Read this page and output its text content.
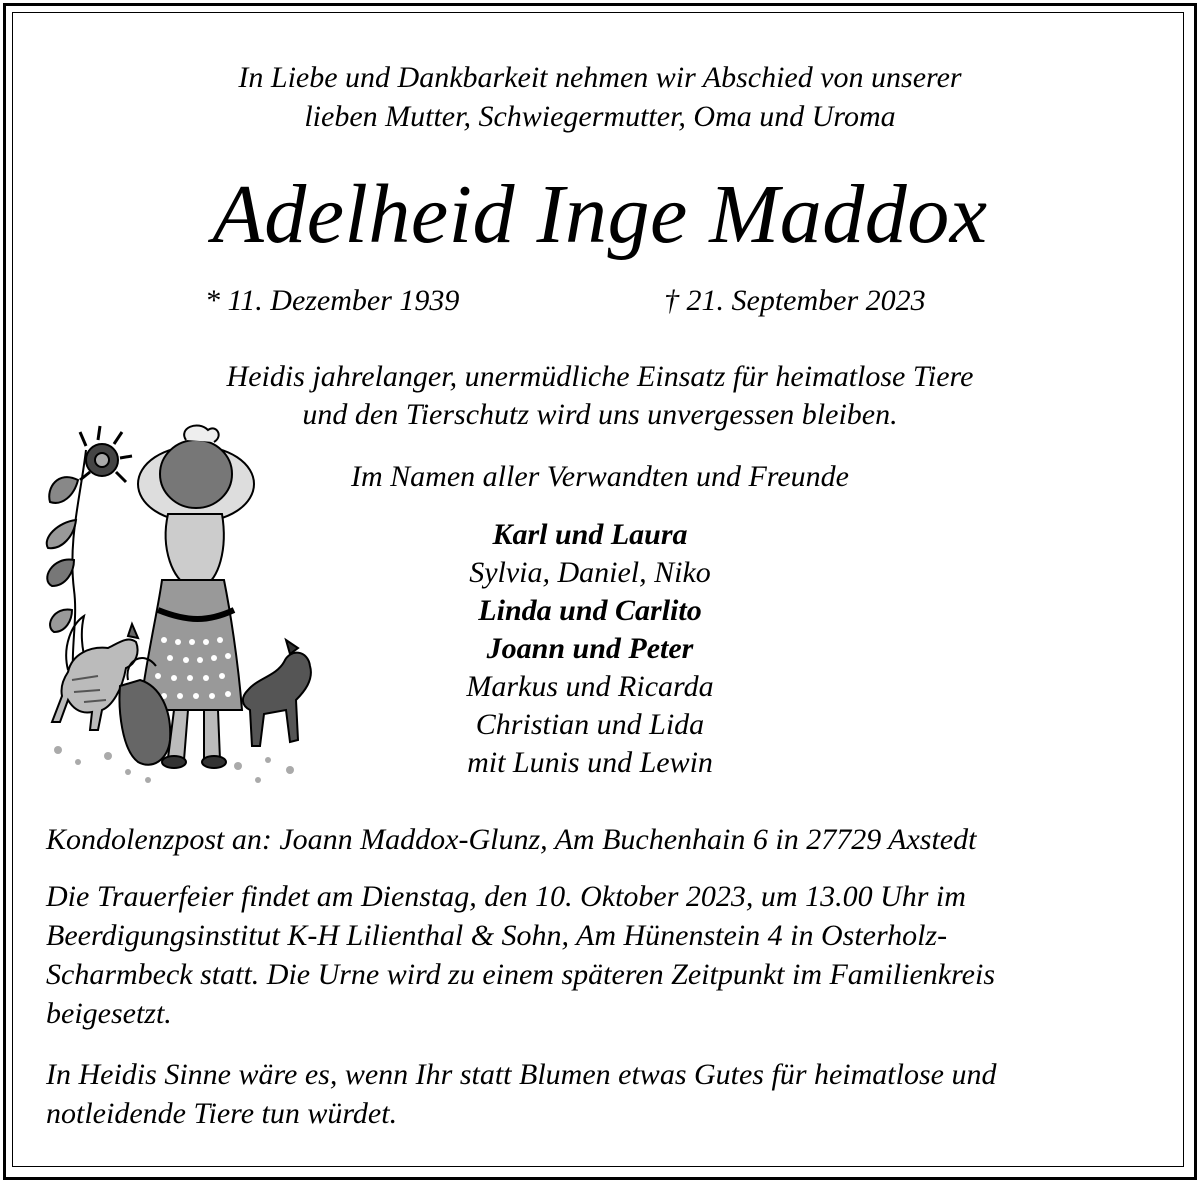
In Liebe und Dankbarkeit nehmen wir Abschied von unserer
lieben Mutter, Schwiegermutter, Oma und Uroma
Adelheid Inge Maddox
* 11. Dezember 1939	† 21. September 2023
Heidis jahrelanger, unermüdliche Einsatz für heimatlose Tiere
und den Tierschutz wird uns unvergessen bleiben.
Im Namen aller Verwandten und Freunde
Karl und Laura
Sylvia, Daniel, Niko
Linda und Carlito
Joann und Peter
Markus und Ricarda
Christian und Lida
mit Lunis und Lewin
Kondolenzpost an: Joann Maddox-Glunz, Am Buchenhain 6 in 27729 Axstedt
Die Trauerfeier findet am Dienstag, den 10. Oktober 2023, um 13.00 Uhr im
Beerdigungsinstitut K-H Lilienthal & Sohn, Am Hünenstein 4 in Osterholz-
Scharmbeck statt. Die Urne wird zu einem späteren Zeitpunkt im Familienkreis
beigesetzt.
In Heidis Sinne wäre es, wenn Ihr statt Blumen etwas Gutes für heimatlose und
notleidende Tiere tun würdet.
